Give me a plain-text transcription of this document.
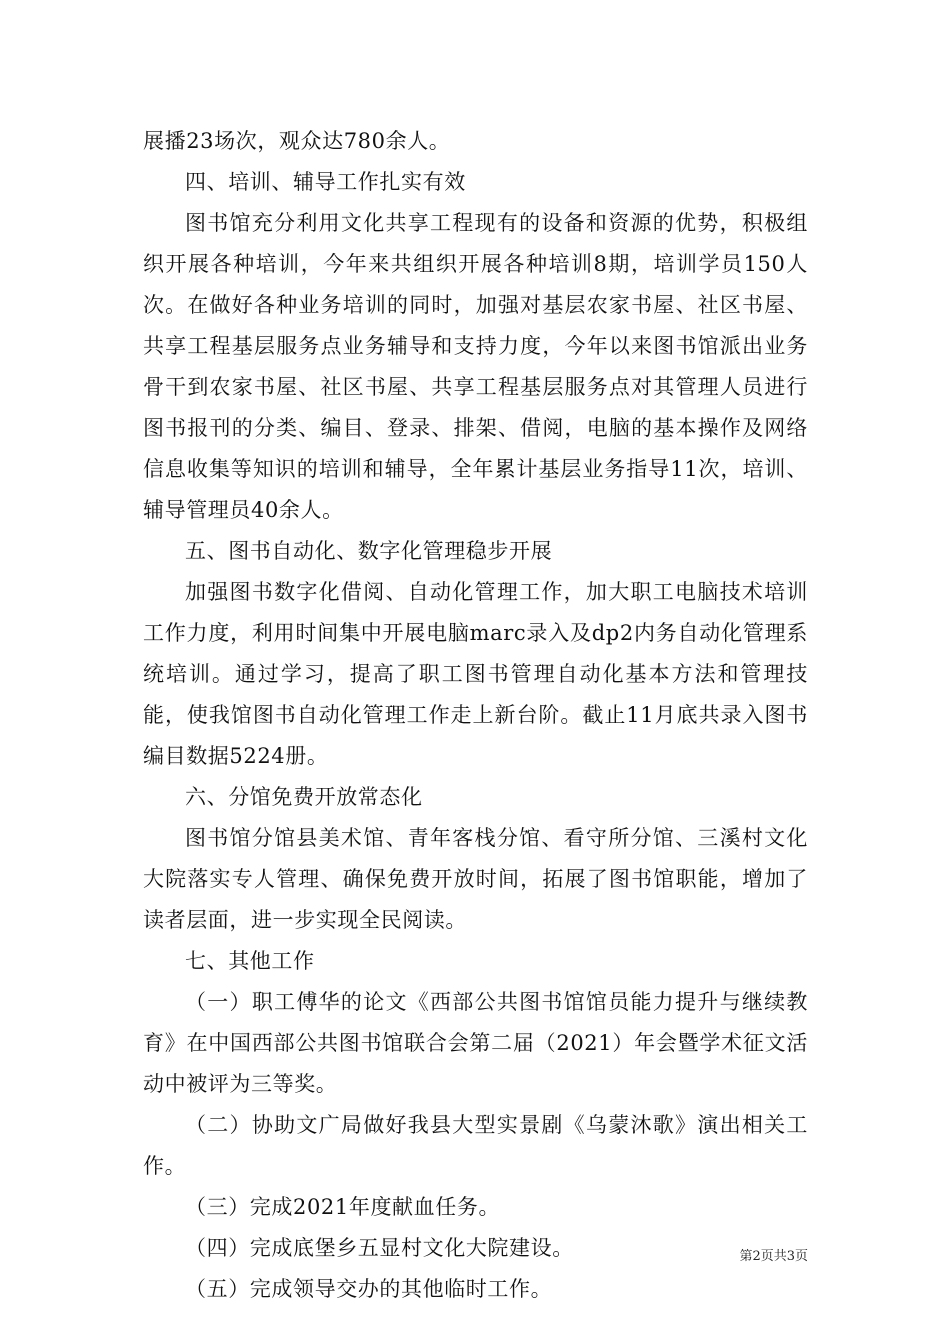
展播23场次，观众达780余人。

四、培训、辅导工作扎实有效

图书馆充分利用文化共享工程现有的设备和资源的优势，积极组织开展各种培训，今年来共组织开展各种培训8期，培训学员150人次。在做好各种业务培训的同时，加强对基层农家书屋、社区书屋、共享工程基层服务点业务辅导和支持力度，今年以来图书馆派出业务骨干到农家书屋、社区书屋、共享工程基层服务点对其管理人员进行图书报刊的分类、编目、登录、排架、借阅，电脑的基本操作及网络信息收集等知识的培训和辅导，全年累计基层业务指导11次，培训、辅导管理员40余人。

五、图书自动化、数字化管理稳步开展

加强图书数字化借阅、自动化管理工作，加大职工电脑技术培训工作力度，利用时间集中开展电脑marc录入及dp2内务自动化管理系统培训。通过学习，提高了职工图书管理自动化基本方法和管理技能，使我馆图书自动化管理工作走上新台阶。截止11月底共录入图书编目数据5224册。

六、分馆免费开放常态化

图书馆分馆县美术馆、青年客栈分馆、看守所分馆、三溪村文化大院落实专人管理、确保免费开放时间，拓展了图书馆职能，增加了读者层面，进一步实现全民阅读。

七、其他工作

（一）职工傅华的论文《西部公共图书馆馆员能力提升与继续教育》在中国西部公共图书馆联合会第二届（2021）年会暨学术征文活动中被评为三等奖。

（二）协助文广局做好我县大型实景剧《乌蒙沐歌》演出相关工作。

（三）完成2021年度献血任务。

（四）完成底堡乡五显村文化大院建设。

（五）完成领导交办的其他临时工作。

第2页共3页
